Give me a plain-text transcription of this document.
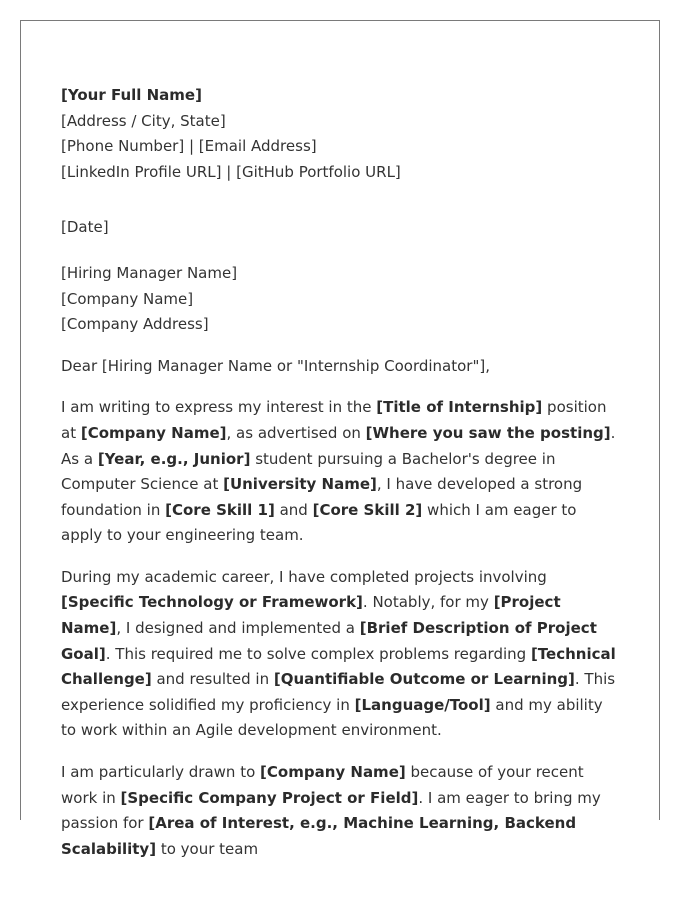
[Your Full Name]
[Address / City, State]
[Phone Number] | [Email Address]
[LinkedIn Profile URL] | [GitHub Portfolio URL]
[Date]
[Hiring Manager Name]
[Company Name]
[Company Address]
Dear [Hiring Manager Name or "Internship Coordinator"],

I am writing to express my interest in the [Title of Internship] position at [Company Name], as advertised on [Where you saw the posting]. As a [Year, e.g., Junior] student pursuing a Bachelor's degree in Computer Science at [University Name], I have developed a strong foundation in [Core Skill 1] and [Core Skill 2] which I am eager to apply to your engineering team.

During my academic career, I have completed projects involving [Specific Technology or Framework]. Notably, for my [Project Name], I designed and implemented a [Brief Description of Project Goal]. This required me to solve complex problems regarding [Technical Challenge] and resulted in [Quantifiable Outcome or Learning]. This experience solidified my proficiency in [Language/Tool] and my ability to work within an Agile development environment.

I am particularly drawn to [Company Name] because of your recent work in [Specific Company Project or Field]. I am eager to bring my passion for [Area of Interest, e.g., Machine Learning, Backend Scalability] to your team
